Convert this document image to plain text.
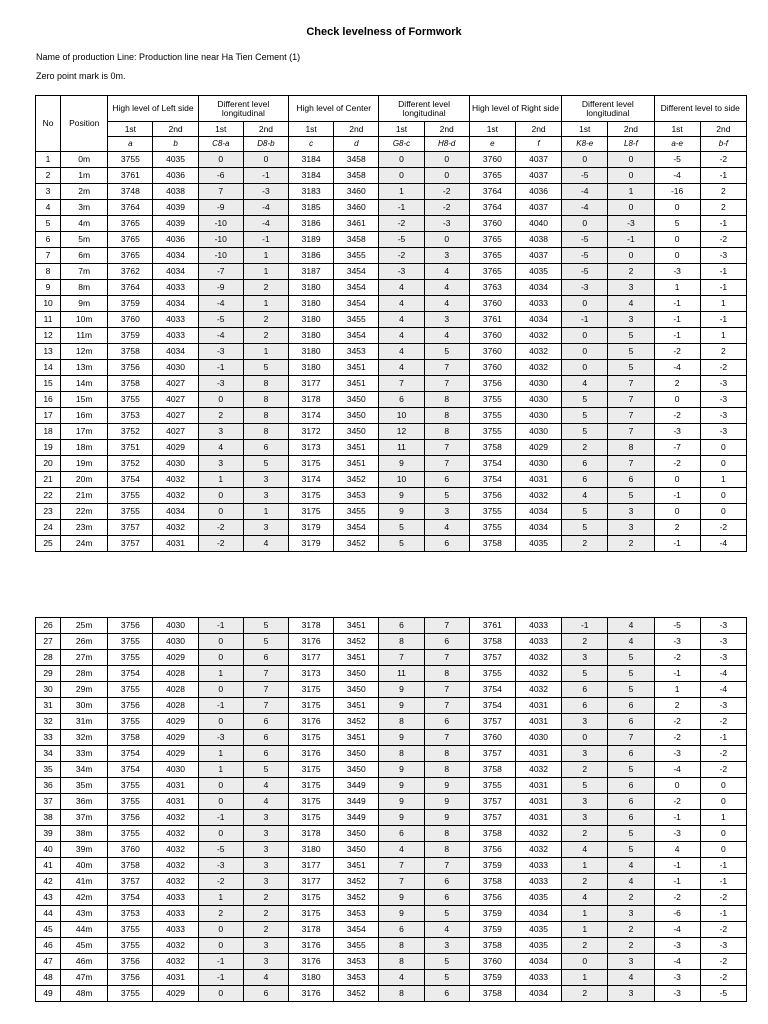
Check levelness of Formwork
Name of production Line: Production line near Ha Tien Cement (1)
Zero point mark is 0m.
No	Position	High level of Left side		Different level longitudinal		High level of Center		Different level longitudinal		High level of Right side		Different level longitudinal		Different level to side	
		1st	2nd	1st	2nd	1st	2nd	1st	2nd	1st	2nd	1st	2nd	1st	2nd
		a	b	C8-a	D8-b	c	d	G8-c	H8-d	e	f	K8-e	L8-f	a-e	b-f
1	0m	3755	4035	0	0	3184	3458	0	0	3760	4037	0	0	-5	-2
2	1m	3761	4036	-6	-1	3184	3458	0	0	3765	4037	-5	0	-4	-1
3	2m	3748	4038	7	-3	3183	3460	1	-2	3764	4036	-4	1	-16	2
4	3m	3764	4039	-9	-4	3185	3460	-1	-2	3764	4037	-4	0	0	2
5	4m	3765	4039	-10	-4	3186	3461	-2	-3	3760	4040	0	-3	5	-1
6	5m	3765	4036	-10	-1	3189	3458	-5	0	3765	4038	-5	-1	0	-2
7	6m	3765	4034	-10	1	3186	3455	-2	3	3765	4037	-5	0	0	-3
8	7m	3762	4034	-7	1	3187	3454	-3	4	3765	4035	-5	2	-3	-1
9	8m	3764	4033	-9	2	3180	3454	4	4	3763	4034	-3	3	1	-1
10	9m	3759	4034	-4	1	3180	3454	4	4	3760	4033	0	4	-1	1
11	10m	3760	4033	-5	2	3180	3455	4	3	3761	4034	-1	3	-1	-1
12	11m	3759	4033	-4	2	3180	3454	4	4	3760	4032	0	5	-1	1
13	12m	3758	4034	-3	1	3180	3453	4	5	3760	4032	0	5	-2	2
14	13m	3756	4030	-1	5	3180	3451	4	7	3760	4032	0	5	-4	-2
15	14m	3758	4027	-3	8	3177	3451	7	7	3756	4030	4	7	2	-3
16	15m	3755	4027	0	8	3178	3450	6	8	3755	4030	5	7	0	-3
17	16m	3753	4027	2	8	3174	3450	10	8	3755	4030	5	7	-2	-3
18	17m	3752	4027	3	8	3172	3450	12	8	3755	4030	5	7	-3	-3
19	18m	3751	4029	4	6	3173	3451	11	7	3758	4029	2	8	-7	0
20	19m	3752	4030	3	5	3175	3451	9	7	3754	4030	6	7	-2	0
21	20m	3754	4032	1	3	3174	3452	10	6	3754	4031	6	6	0	1
22	21m	3755	4032	0	3	3175	3453	9	5	3756	4032	4	5	-1	0
23	22m	3755	4034	0	1	3175	3455	9	3	3755	4034	5	3	0	0
24	23m	3757	4032	-2	3	3179	3454	5	4	3755	4034	5	3	2	-2
25	24m	3757	4031	-2	4	3179	3452	5	6	3758	4035	2	2	-1	-4
26	25m	3756	4030	-1	5	3178	3451	6	7	3761	4033	-1	4	-5	-3
27	26m	3755	4030	0	5	3176	3452	8	6	3758	4033	2	4	-3	-3
28	27m	3755	4029	0	6	3177	3451	7	7	3757	4032	3	5	-2	-3
29	28m	3754	4028	1	7	3173	3450	11	8	3755	4032	5	5	-1	-4
30	29m	3755	4028	0	7	3175	3450	9	7	3754	4032	6	5	1	-4
31	30m	3756	4028	-1	7	3175	3451	9	7	3754	4031	6	6	2	-3
32	31m	3755	4029	0	6	3176	3452	8	6	3757	4031	3	6	-2	-2
33	32m	3758	4029	-3	6	3175	3451	9	7	3760	4030	0	7	-2	-1
34	33m	3754	4029	1	6	3176	3450	8	8	3757	4031	3	6	-3	-2
35	34m	3754	4030	1	5	3175	3450	9	8	3758	4032	2	5	-4	-2
36	35m	3755	4031	0	4	3175	3449	9	9	3755	4031	5	6	0	0
37	36m	3755	4031	0	4	3175	3449	9	9	3757	4031	3	6	-2	0
38	37m	3756	4032	-1	3	3175	3449	9	9	3757	4031	3	6	-1	1
39	38m	3755	4032	0	3	3178	3450	6	8	3758	4032	2	5	-3	0
40	39m	3760	4032	-5	3	3180	3450	4	8	3756	4032	4	5	4	0
41	40m	3758	4032	-3	3	3177	3451	7	7	3759	4033	1	4	-1	-1
42	41m	3757	4032	-2	3	3177	3452	7	6	3758	4033	2	4	-1	-1
43	42m	3754	4033	1	2	3175	3452	9	6	3756	4035	4	2	-2	-2
44	43m	3753	4033	2	2	3175	3453	9	5	3759	4034	1	3	-6	-1
45	44m	3755	4033	0	2	3178	3454	6	4	3759	4035	1	2	-4	-2
46	45m	3755	4032	0	3	3176	3455	8	3	3758	4035	2	2	-3	-3
47	46m	3756	4032	-1	3	3176	3453	8	5	3760	4034	0	3	-4	-2
48	47m	3756	4031	-1	4	3180	3453	4	5	3759	4033	1	4	-3	-2
49	48m	3755	4029	0	6	3176	3452	8	6	3758	4034	2	3	-3	-5
